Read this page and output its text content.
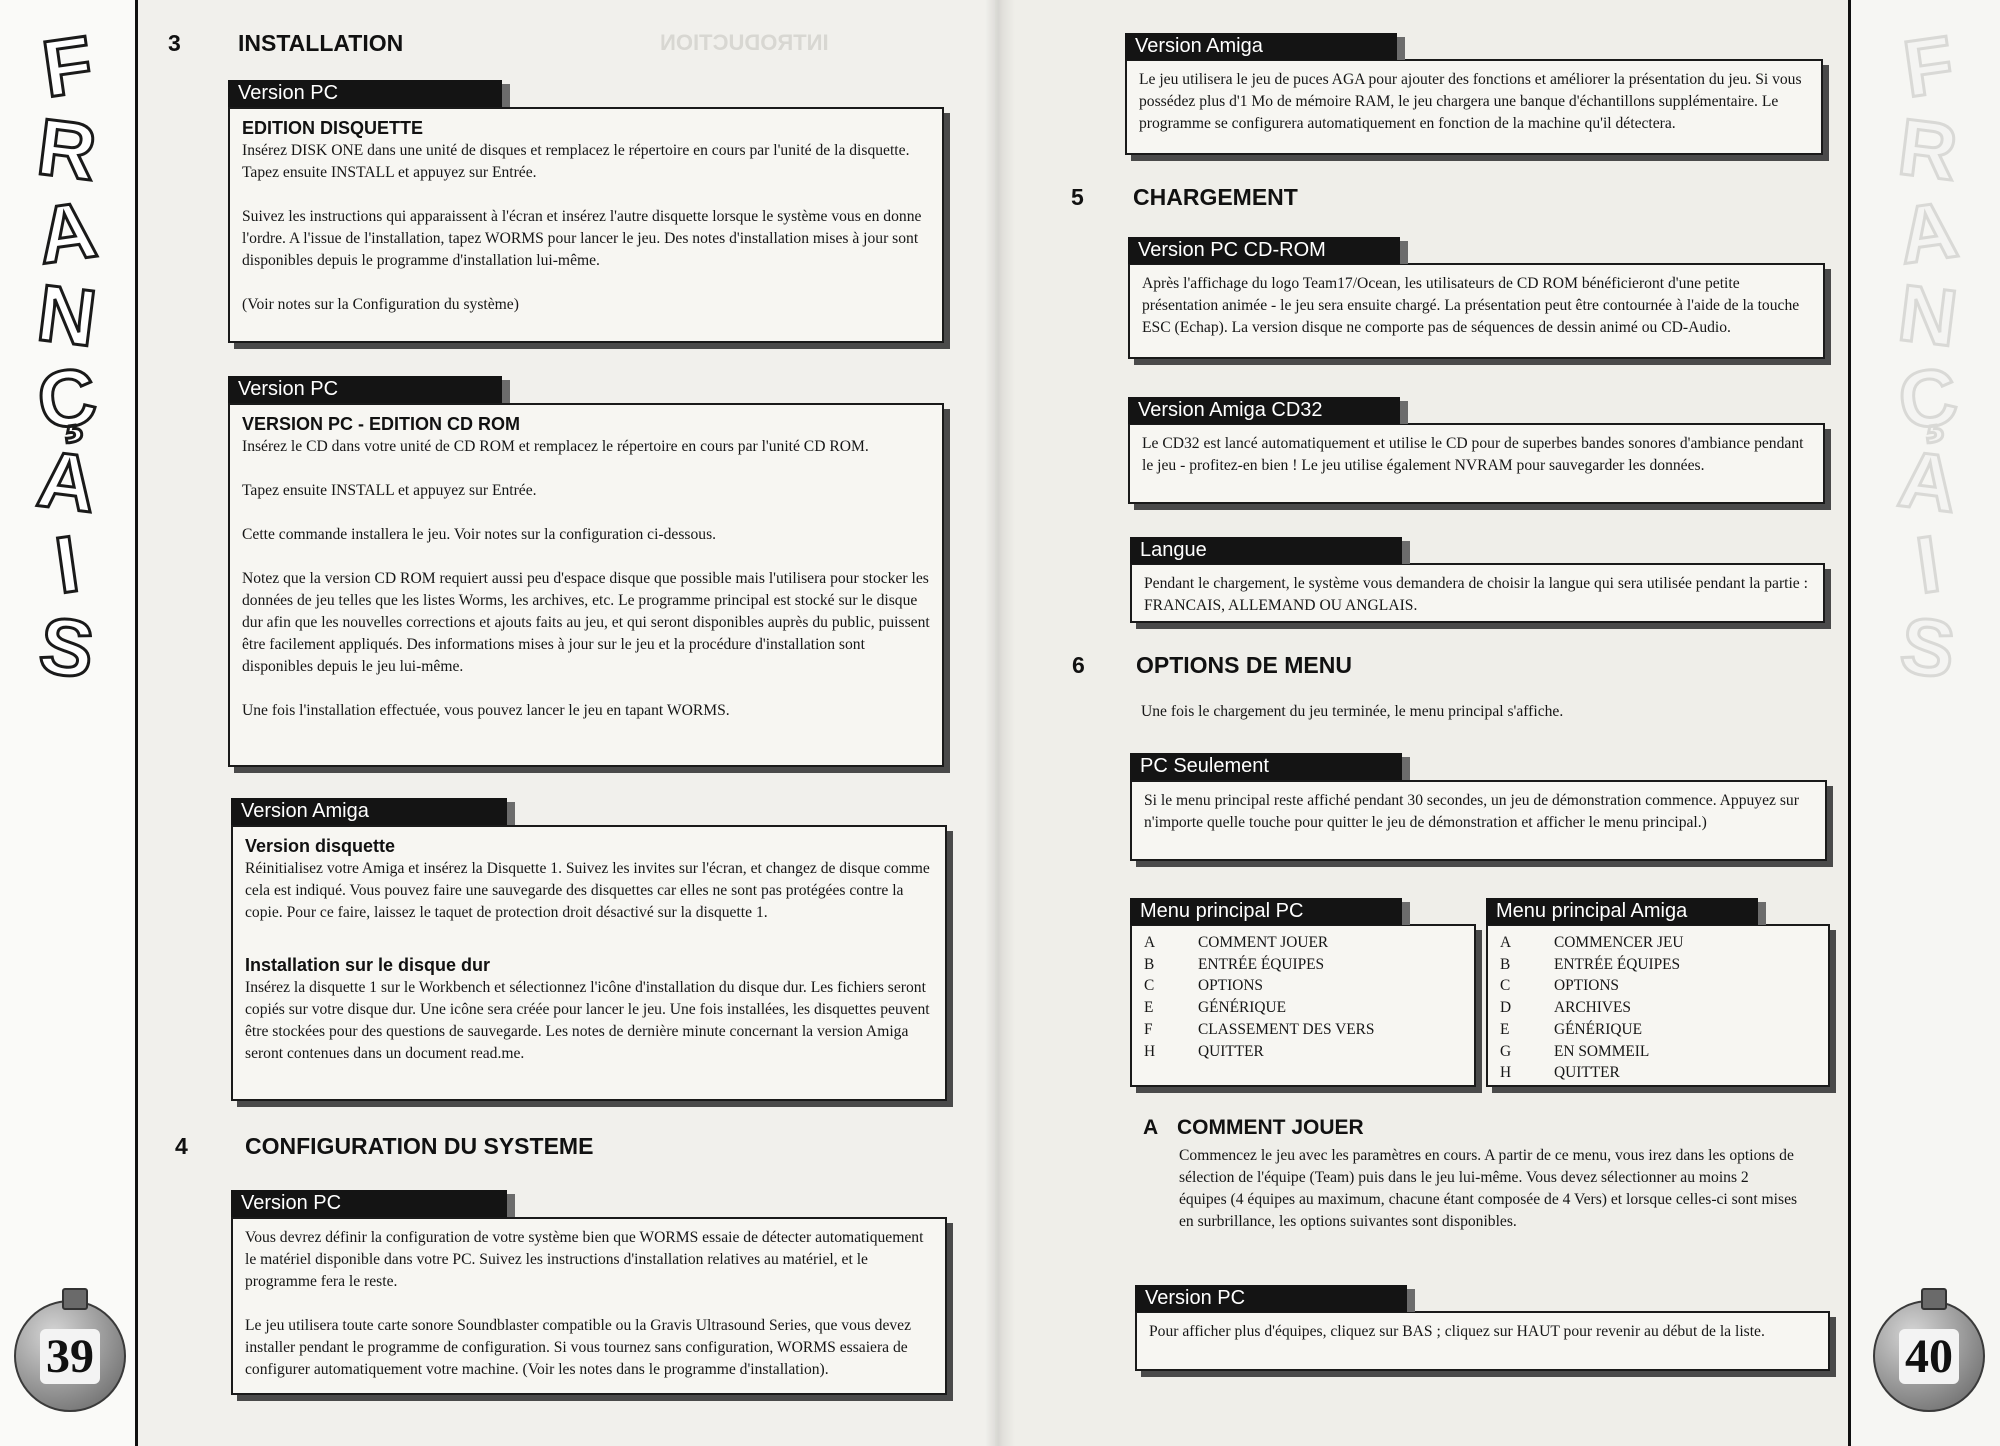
INTRODUCTION
F
R
A
N
Ç
A
I
S
39
3 INSTALLATION
EDITION DISQUETTE

Insérez DISK ONE dans une unité de disques et remplacez le répertoire en cours par l'unité de la disquette. Tapez ensuite INSTALL et appuyez sur Entrée.

Suivez les instructions qui apparaissent à l'écran et insérez l'autre disquette lorsque le système vous en donne l'ordre. A l'issue de l'installation, tapez WORMS pour lancer le jeu. Des notes d'installation mises à jour sont disponibles depuis le programme d'installation lui-même.

(Voir notes sur la Configuration du système)

Version PC
VERSION PC - EDITION CD ROM

Insérez le CD dans votre unité de CD ROM et remplacez le répertoire en cours par l'unité CD ROM.

Tapez ensuite INSTALL et appuyez sur Entrée.

Cette commande installera le jeu. Voir notes sur la configuration ci-dessous.

Notez que la version CD ROM requiert aussi peu d'espace disque que possible mais l'utilisera pour stocker les données de jeu telles que les listes Worms, les archives, etc. Le programme principal est stocké sur le disque dur afin que les nouvelles corrections et ajouts faits au jeu, et qui seront disponibles auprès du public, puissent être facilement appliqués. Des informations mises à jour sur le jeu et la procédure d'installation sont disponibles depuis le jeu lui-même.

Une fois l'installation effectuée, vous pouvez lancer le jeu en tapant WORMS.

Version PC
Version disquette

Réinitialisez votre Amiga et insérez la Disquette 1. Suivez les invites sur l'écran, et changez de disque comme cela est indiqué. Vous pouvez faire une sauvegarde des disquettes car elles ne sont pas protégées contre la copie. Pour ce faire, laissez le taquet de protection droit désactivé sur la disquette 1.

Installation sur le disque dur

Insérez la disquette 1 sur le Workbench et sélectionnez l'icône d'installation du disque dur. Les fichiers seront copiés sur votre disque dur. Une icône sera créée pour lancer le jeu. Une fois installées, les disquettes peuvent être stockées pour des questions de sauvegarde. Les notes de dernière minute concernant la version Amiga seront contenues dans un document read.me.

Version Amiga
4 CONFIGURATION DU SYSTEME

Vous devrez définir la configuration de votre système bien que WORMS essaie de détecter automatiquement le matériel disponible dans votre PC. Suivez les instructions d'installation relatives au matériel, et le programme fera le reste.

Le jeu utilisera toute carte sonore Soundblaster compatible ou la Gravis Ultrasound Series, que vous devez installer pendant le programme de configuration. Si vous tournez sans configuration, WORMS essaiera de configurer automatiquement votre machine. (Voir les notes dans le programme d'installation).

Version PC
F
R
A
N
Ç
A
I
S
40
Le jeu utilisera le jeu de puces AGA pour ajouter des fonctions et améliorer la présentation du jeu. Si vous possédez plus d'1 Mo de mémoire RAM, le jeu chargera une banque d'échantillons supplémentaire. Le programme se configurera automatiquement en fonction de la machine qu'il détectera.
Version Amiga
5 CHARGEMENT
Après l'affichage du logo Team17/Ocean, les utilisateurs de CD ROM bénéficieront d'une petite présentation animée - le jeu sera ensuite chargé. La présentation peut être contournée à l'aide de la touche ESC (Echap). La version disque ne comporte pas de séquences de dessin animé ou CD-Audio.
Version PC CD-ROM
Le CD32 est lancé automatiquement et utilise le CD pour de superbes bandes sonores d'ambiance pendant le jeu - profitez-en bien ! Le jeu utilise également NVRAM pour sauvegarder les données.
Version Amiga CD32
Pendant le chargement, le système vous demandera de choisir la langue qui sera utilisée pendant la partie : FRANCAIS, ALLEMAND OU ANGLAIS.
Langue
6 OPTIONS DE MENU
Une fois le chargement du jeu terminée, le menu principal s'affiche.
Si le menu principal reste affiché pendant 30 secondes, un jeu de démonstration commence. Appuyez sur n'importe quelle touche pour quitter le jeu de démonstration et afficher le menu principal.)
PC Seulement
A	COMMENT JOUER
B	ENTRÉE ÉQUIPES
C	OPTIONS
E	GÉNÉRIQUE
F	CLASSEMENT DES VERS
H	QUITTER
Menu principal PC
A	COMMENCER JEU
B	ENTRÉE ÉQUIPES
C	OPTIONS
D	ARCHIVES
E	GÉNÉRIQUE
G	EN SOMMEIL
H	QUITTER
Menu principal Amiga
A COMMENT JOUER
Commencez le jeu avec les paramètres en cours. A partir de ce menu, vous irez dans les options de sélection de l'équipe (Team) puis dans le jeu lui-même. Vous devez sélectionner au moins 2 équipes (4 équipes au maximum, chacune étant composée de 4 Vers) et lorsque celles-ci sont mises en surbrillance, les options suivantes sont disponibles.
Pour afficher plus d'équipes, cliquez sur BAS ; cliquez sur HAUT pour revenir au début de la liste.
Version PC
